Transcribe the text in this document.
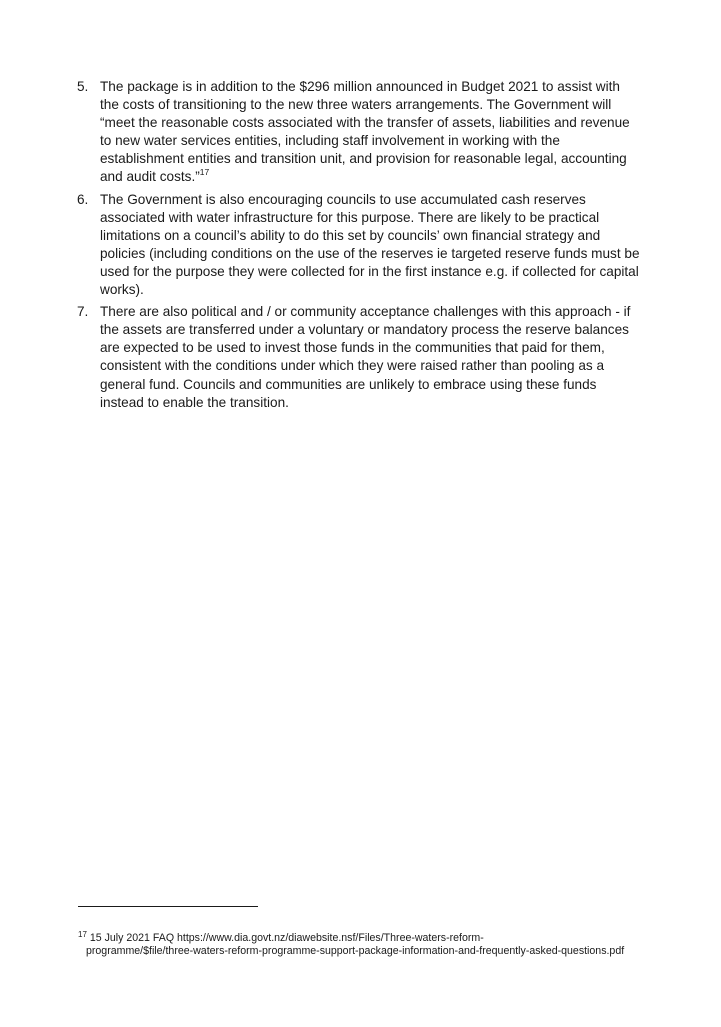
5. The package is in addition to the $296 million announced in Budget 2021 to assist with the costs of transitioning to the new three waters arrangements. The Government will “meet the reasonable costs associated with the transfer of assets, liabilities and revenue to new water services entities, including staff involvement in working with the establishment entities and transition unit, and provision for reasonable legal, accounting and audit costs.”$^{17}$
6. The Government is also encouraging councils to use accumulated cash reserves associated with water infrastructure for this purpose. There are likely to be practical limitations on a council’s ability to do this set by councils’ own financial strategy and policies (including conditions on the use of the reserves ie targeted reserve funds must be used for the purpose they were collected for in the first instance e.g. if collected for capital works).
7. There are also political and / or community acceptance challenges with this approach - if the assets are transferred under a voluntary or mandatory process the reserve balances are expected to be used to invest those funds in the communities that paid for them, consistent with the conditions under which they were raised rather than pooling as a general fund. Councils and communities are unlikely to embrace using these funds instead to enable the transition.
$^{17}$ 15 July 2021 FAQ https://www.dia.govt.nz/diawebsite.nsf/Files/Three-waters-reform-
programme/$file/three-waters-reform-programme-support-package-information-and-frequently-asked-questions.pdf
